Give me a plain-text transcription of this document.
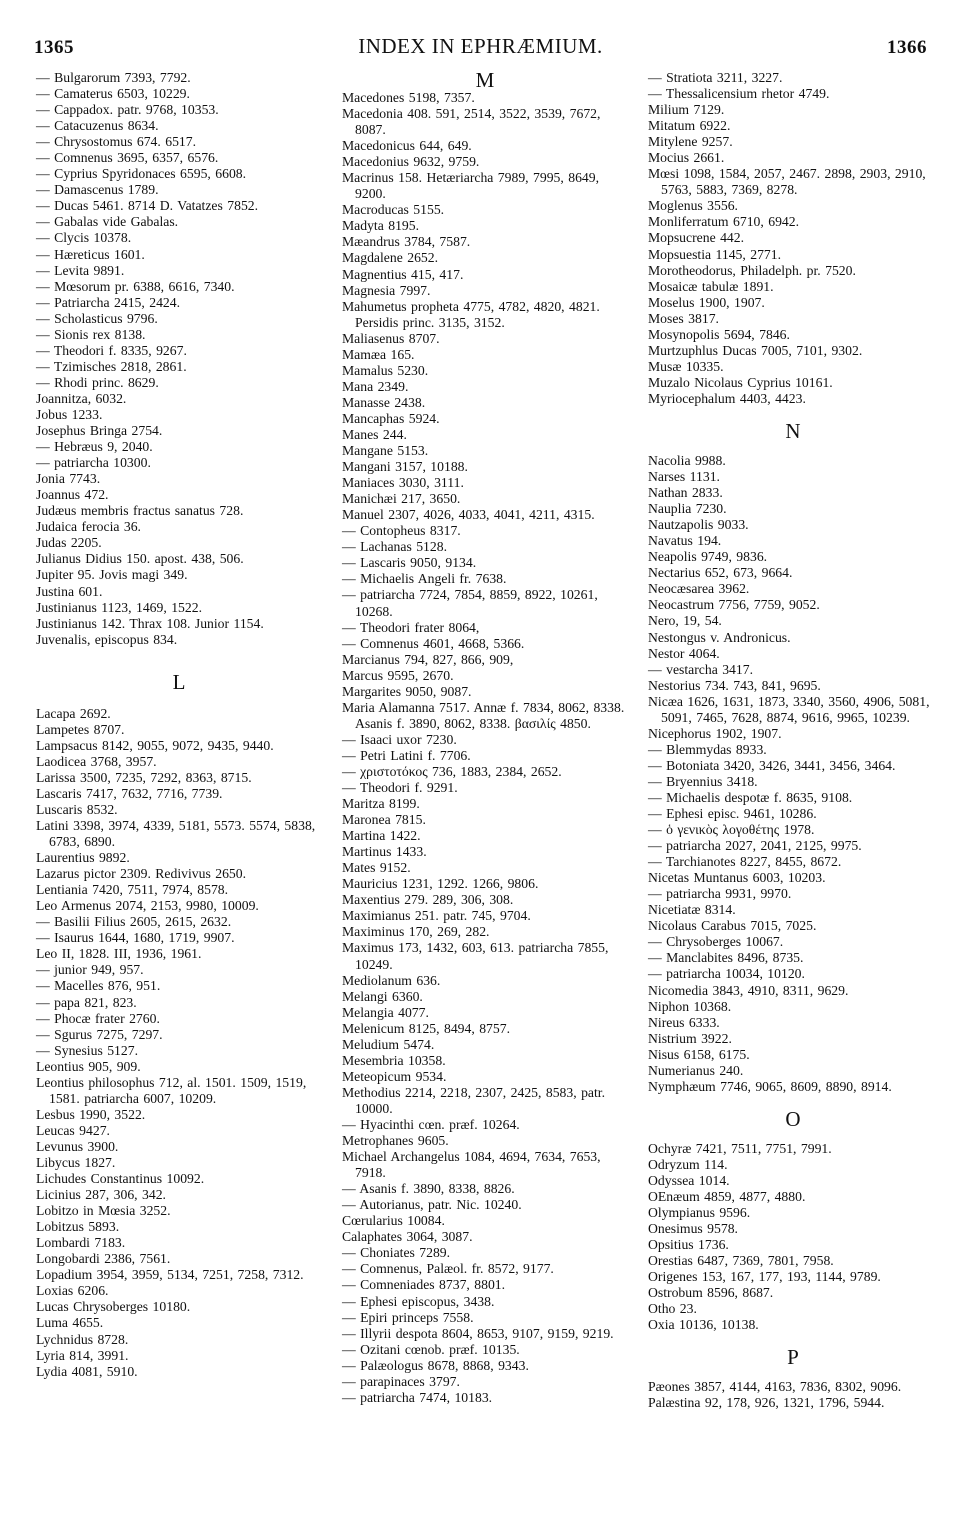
1365	INDEX IN EPHRÆMIUM.	1366

— Bulgarorum 7393, 7792.

— Camaterus 6503, 10229.

— Cappadox. patr. 9768, 10353.

— Catacuzenus 8634.

— Chrysostomus 674. 6517.

— Comnenus 3695, 6357, 6576.

— Cyprius Spyridonaces 6595, 6608.

— Damascenus 1789.

— Ducas 5461. 8714 D. Vatatzes 7852.

— Gabalas vide Gabalas.

— Clycis 10378.

— Hæreticus 1601.

— Levita 9891.

— Mœsorum pr. 6388, 6616, 7340.

— Patriarcha 2415, 2424.

— Scholasticus 9796.

— Sionis rex 8138.

— Theodori f. 8335, 9267.

— Tzimisches 2818, 2861.

— Rhodi princ. 8629.

Joannitza, 6032.

Jobus 1233.

Josephus Bringa 2754.

— Hebræus 9, 2040.

— patriarcha 10300.

Jonia 7743.

Joannus 472.

Judæus membris fractus sanatus 728.

Judaica ferocia 36.

Judas 2205.

Julianus Didius 150. apost. 438, 506.

Jupiter 95. Jovis magi 349.

Justina 601.

Justinianus 1123, 1469, 1522.

Justinianus 142. Thrax 108. Junior 1154.

Juvenalis, episcopus 834.

L

Lacapa 2692.

Lampetes 8707.

Lampsacus 8142, 9055, 9072, 9435, 9440.

Laodicea 3768, 3957.

Larissa 3500, 7235, 7292, 8363, 8715.

Lascaris 7417, 7632, 7716, 7739.

Luscaris 8532.

Latini 3398, 3974, 4339, 5181, 5573. 5574, 5838, 6783, 6890.

Laurentius 9892.

Lazarus pictor 2309. Redivivus 2650.

Lentiania 7420, 7511, 7974, 8578.

Leo Armenus 2074, 2153, 9980, 10009.

— Basilii Filius 2605, 2615, 2632.

— Isaurus 1644, 1680, 1719, 9907.

Leo II, 1828. III, 1936, 1961.

— junior 949, 957.

— Macelles 876, 951.

— papa 821, 823.

— Phocæ frater 2760.

— Sgurus 7275, 7297.

— Synesius 5127.

Leontius 905, 909.

Leontius philosophus 712, al. 1501. 1509, 1519, 1581. patriarcha 6007, 10209.

Lesbus 1990, 3522.

Leucas 9427.

Levunus 3900.

Libycus 1827.

Lichudes Constantinus 10092.

Licinius 287, 306, 342.

Lobitzo in Mœsia 3252.

Lobitzus 5893.

Lombardi 7183.

Longobardi 2386, 7561.

Lopadium 3954, 3959, 5134, 7251, 7258, 7312.

Loxias 6206.

Lucas Chrysoberges 10180.

Luma 4655.

Lychnidus 8728.

Lyria 814, 3991.

Lydia 4081, 5910.

M

Macedones 5198, 7357.

Macedonia 408. 591, 2514, 3522, 3539, 7672, 8087.

Macedonicus 644, 649.

Macedonius 9632, 9759.

Macrinus 158. Hetæriarcha 7989, 7995, 8649, 9200.

Macroducas 5155.

Madyta 8195.

Mæandrus 3784, 7587.

Magdalene 2652.

Magnentius 415, 417.

Magnesia 7997.

Mahumetus propheta 4775, 4782, 4820, 4821. Persidis princ. 3135, 3152.

Maliasenus 8707.

Mamæa 165.

Mamalus 5230.

Mana 2349.

Manasse 2438.

Mancaphas 5924.

Manes 244.

Mangane 5153.

Mangani 3157, 10188.

Maniaces 3030, 3111.

Manichæi 217, 3650.

Manuel 2307, 4026, 4033, 4041, 4211, 4315.

— Contopheus 8317.

— Lachanas 5128.

— Lascaris 9050, 9134.

— Michaelis Angeli fr. 7638.

— patriarcha 7724, 7854, 8859, 8922, 10261, 10268.

— Theodori frater 8064,

— Comnenus 4601, 4668, 5366.

Marcianus 794, 827, 866, 909,

Marcus 9595, 2670.

Margarites 9050, 9087.

Maria Alamanna 7517. Annæ f. 7834, 8062, 8338. Asanis f. 3890, 8062, 8338. βασιλίς 4850.

— Isaaci uxor 7230.

— Petri Latini f. 7706.

— χριστοτόκος 736, 1883, 2384, 2652.

— Theodori f. 9291.

Maritza 8199.

Maronea 7815.

Martina 1422.

Martinus 1433.

Mates 9152.

Mauricius 1231, 1292. 1266, 9806.

Maxentius 279. 289, 306, 308.

Maximianus 251. patr. 745, 9704.

Maximinus 170, 269, 282.

Maximus 173, 1432, 603, 613. patriarcha 7855, 10249.

Mediolanum 636.

Melangi 6360.

Melangia 4077.

Melenicum 8125, 8494, 8757.

Meludium 5474.

Mesembria 10358.

Meteopicum 9534.

Methodius 2214, 2218, 2307, 2425, 8583, patr. 10000.

— Hyacinthi cœn. præf. 10264.

Metrophanes 9605.

Michael Archangelus 1084, 4694, 7634, 7653, 7918.

— Asanis f. 3890, 8338, 8826.

— Autorianus, patr. Nic. 10240.

Cœrularius 10084.

Calaphates 3064, 3087.

— Choniates 7289.

— Comnenus, Palæol. fr. 8572, 9177.

— Comneniades 8737, 8801.

— Ephesi episcopus, 3438.

— Epiri princeps 7558.

— Illyrii despota 8604, 8653, 9107, 9159, 9219.

— Ozitani cœnob. præf. 10135.

— Palæologus 8678, 8868, 9343.

— parapinaces 3797.

— patriarcha 7474, 10183.

— Stratiota 3211, 3227.

— Thessalicensium rhetor 4749.

Milium 7129.

Mitatum 6922.

Mitylene 9257.

Mocius 2661.

Mœsi 1098, 1584, 2057, 2467. 2898, 2903, 2910, 5763, 5883, 7369, 8278.

Moglenus 3556.

Monliferratum 6710, 6942.

Mopsucrene 442.

Mopsuestia 1145, 2771.

Morotheodorus, Philadelph. pr. 7520.

Mosaicæ tabulæ 1891.

Moselus 1900, 1907.

Moses 3817.

Mosynopolis 5694, 7846.

Murtzuphlus Ducas 7005, 7101, 9302.

Musæ 10335.

Muzalo Nicolaus Cyprius 10161.

Myriocephalum 4403, 4423.

N

Nacolia 9988.

Narses 1131.

Nathan 2833.

Nauplia 7230.

Nautzapolis 9033.

Navatus 194.

Neapolis 9749, 9836.

Nectarius 652, 673, 9664.

Neocæsarea 3962.

Neocastrum 7756, 7759, 9052.

Nero, 19, 54.

Nestongus v. Andronicus.

Nestor 4064.

— vestarcha 3417.

Nestorius 734. 743, 841, 9695.

Nicæa 1626, 1631, 1873, 3340, 3560, 4906, 5081, 5091, 7465, 7628, 8874, 9616, 9965, 10239.

Nicephorus 1902, 1907.

— Blemmydas 8933.

— Botoniata 3420, 3426, 3441, 3456, 3464.

— Bryennius 3418.

— Michaelis despotæ f. 8635, 9108.

— Ephesi episc. 9461, 10286.

— ὁ γενικὸς λογοθέτης 1978.

— patriarcha 2027, 2041, 2125, 9975.

— Tarchianotes 8227, 8455, 8672.

Nicetas Muntanus 6003, 10203.

— patriarcha 9931, 9970.

Nicetiatæ 8314.

Nicolaus Carabus 7015, 7025.

— Chrysoberges 10067.

— Manclabites 8496, 8735.

— patriarcha 10034, 10120.

Nicomedia 3843, 4910, 8311, 9629.

Niphon 10368.

Nireus 6333.

Nistrium 3922.

Nisus 6158, 6175.

Numerianus 240.

Nymphæum 7746, 9065, 8609, 8890, 8914.

O

Ochyræ 7421, 7511, 7751, 7991.

Odryzum 114.

Odyssea 1014.

OEnæum 4859, 4877, 4880.

Olympianus 9596.

Onesimus 9578.

Opsitius 1736.

Orestias 6487, 7369, 7801, 7958.

Origenes 153, 167, 177, 193, 1144, 9789.

Ostrobum 8596, 8687.

Otho 23.

Oxia 10136, 10138.

P

Pæones 3857, 4144, 4163, 7836, 8302, 9096.

Palæstina 92, 178, 926, 1321, 1796, 5944.
